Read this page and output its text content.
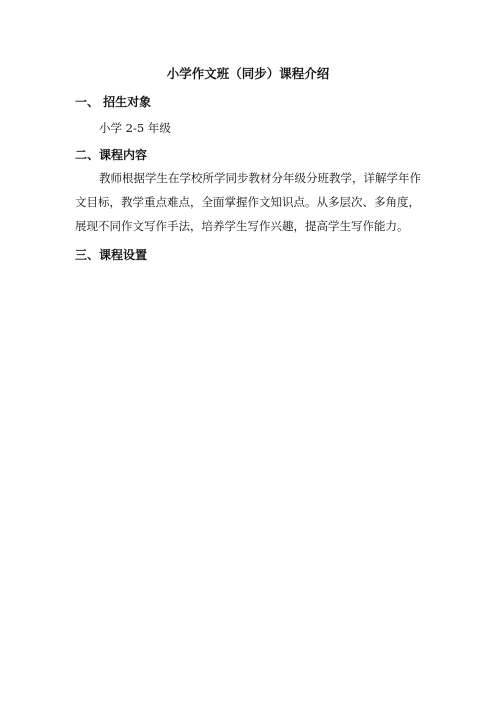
小学作文班（同步）课程介绍
一、 招生对象
小学 2-5 年级
二、课程内容
教师根据学生在学校所学同步教材分年级分班教学，详解学年作文目标，教学重点难点，全面掌握作文知识点。从多层次、多角度，展现不同作文写作手法，培养学生写作兴趣，提高学生写作能力。
三、课程设置
